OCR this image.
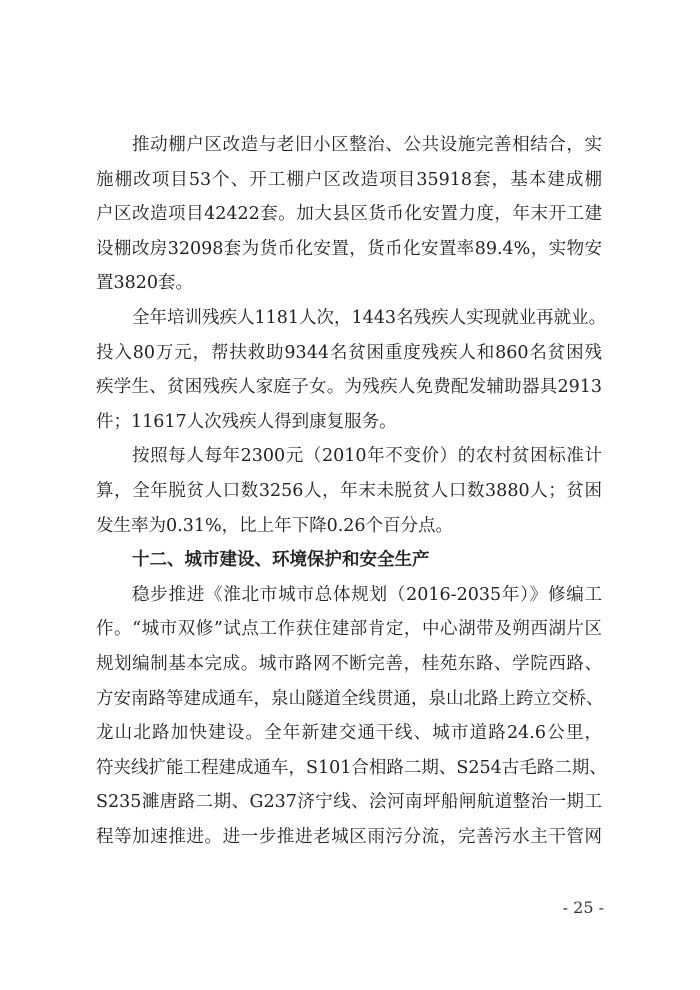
推动棚户区改造与老旧小区整治、公共设施完善相结合，实
施棚改项目53个、开工棚户区改造项目35918套，基本建成棚
户区改造项目42422套。加大县区货币化安置力度，年末开工建
设棚改房32098套为货币化安置，货币化安置率89.4%，实物安
置3820套。
全年培训残疾人1181人次，1443名残疾人实现就业再就业。
投入80万元，帮扶救助9344名贫困重度残疾人和860名贫困残
疾学生、贫困残疾人家庭子女。为残疾人免费配发辅助器具2913
件；11617人次残疾人得到康复服务。
按照每人每年2300元（2010年不变价）的农村贫困标准计
算，全年脱贫人口数3256人，年末未脱贫人口数3880人；贫困
发生率为0.31%，比上年下降0.26个百分点。
十二、城市建设、环境保护和安全生产
稳步推进《淮北市城市总体规划（2016-2035年）》修编工
作。“城市双修”试点工作获住建部肯定，中心湖带及朔西湖片区
规划编制基本完成。城市路网不断完善，桂苑东路、学院西路、
方安南路等建成通车，泉山隧道全线贯通，泉山北路上跨立交桥、
龙山北路加快建设。全年新建交通干线、城市道路24.6公里，
符夹线扩能工程建成通车，S101合相路二期、S254古毛路二期、
S235濉唐路二期、G237济宁线、浍河南坪船闸航道整治一期工
程等加速推进。进一步推进老城区雨污分流，完善污水主干管网
- 25 -
